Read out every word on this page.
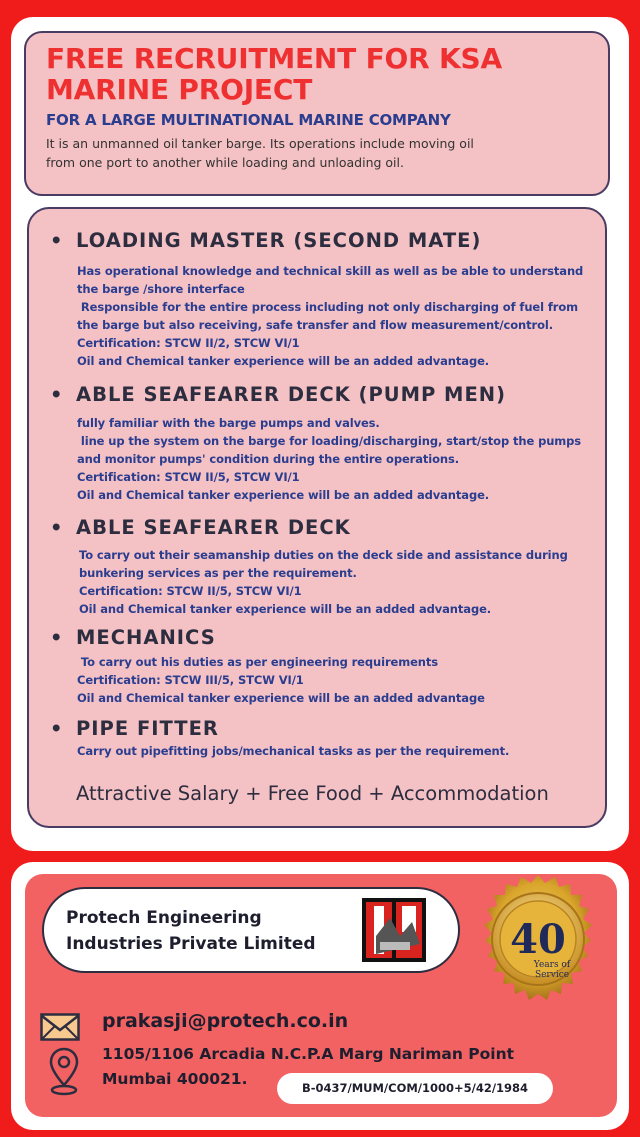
FREE RECRUITMENT FOR KSA
MARINE PROJECT
FOR A LARGE MULTINATIONAL MARINE COMPANY
It is an unmanned oil tanker barge. Its operations include moving oil
from one port to another while loading and unloading oil.
• LOADING MASTER (SECOND MATE)
Has operational knowledge and technical skill as well as be able to understand
the barge /shore interface
Responsible for the entire process including not only discharging of fuel from
the barge but also receiving, safe transfer and flow measurement/control.
Certification: STCW II/2, STCW VI/1
Oil and Chemical tanker experience will be an added advantage.
• ABLE SEAFEARER DECK (PUMP MEN)
fully familiar with the barge pumps and valves.
line up the system on the barge for loading/discharging, start/stop the pumps
and monitor pumps' condition during the entire operations.
Certification: STCW II/5, STCW VI/1
Oil and Chemical tanker experience will be an added advantage.
• ABLE SEAFEARER DECK
To carry out their seamanship duties on the deck side and assistance during
bunkering services as per the requirement.
Certification: STCW II/5, STCW VI/1
Oil and Chemical tanker experience will be an added advantage.
• MECHANICS
To carry out his duties as per engineering requirements
Certification: STCW III/5, STCW VI/1
Oil and Chemical tanker experience will be an added advantage
• PIPE FITTER
Carry out pipefitting jobs/mechanical tasks as per the requirement.
Attractive Salary + Free Food + Accommodation
Protech Engineering
Industries Private Limited	40
Years of
Service
prakasji@protech.co.in
1105/1106 Arcadia N.C.P.A Marg Nariman Point
Mumbai 400021.	B-0437/MUM/COM/1000+5/42/1984
